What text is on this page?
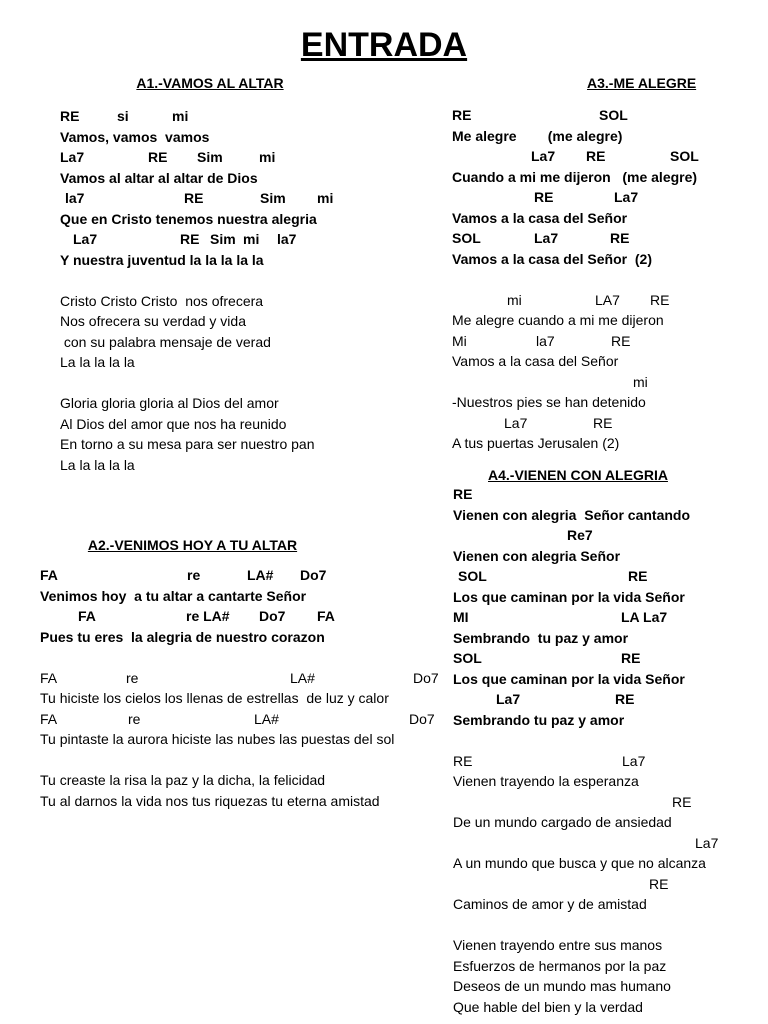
ENTRADA
A1.-VAMOS AL ALTAR
RE	si	mi
Vamos, vamos  vamos
La7	RE Sim	mi
Vamos al altar al altar de Dios
la7	RE	Sim mi
Que en Cristo tenemos nuestra alegria
La7	RE Sim mi la7
Y nuestra juventud la la la la la
Cristo Cristo Cristo  nos ofrecera
Nos ofrecera su verdad y vida
con su palabra mensaje de verad
La la la la la
Gloria gloria gloria al Dios del amor
Al Dios del amor que nos ha reunido
En torno a su mesa para ser nuestro pan
La la la la la
A2.-VENIMOS HOY A TU ALTAR
FA	re	LA# Do7
Venimos hoy  a tu altar a cantarte Señor
FA	re LA# Do7 FA
Pues tu eres  la alegria de nuestro corazon
FA	re	LA#	Do7
Tu hiciste los cielos los llenas de estrellas  de luz y calor
FA	re	LA#	Do7
Tu pintaste la aurora hiciste las nubes las puestas del sol
Tu creaste la risa la paz y la dicha, la felicidad
Tu al darnos la vida nos tus riquezas tu eterna amistad
A3.-ME ALEGRE
RE	SOL
Me alegre        (me alegre)
La7 RE	SOL
Cuando a mi me dijeron   (me alegre)
RE	La7
Vamos a la casa del Señor
SOL	La7	RE
Vamos a la casa del Señor  (2)
mi	LA7 RE
Me alegre cuando a mi me dijeron
Mi	la7	RE
Vamos a la casa del Señor
mi
-Nuestros pies se han detenido
La7	RE
A tus puertas Jerusalen (2)
A4.-VIENEN CON ALEGRIA
RE
Vienen con alegria  Señor cantando
Re7
Vienen con alegria Señor
SOL	RE
Los que caminan por la vida Señor
MI	LA La7
Sembrando  tu paz y amor
SOL	RE
Los que caminan por la vida Señor
La7	RE
Sembrando tu paz y amor
RE	La7
Vienen trayendo la esperanza
RE
De un mundo cargado de ansiedad
La7
A un mundo que busca y que no alcanza
RE
Caminos de amor y de amistad
Vienen trayendo entre sus manos
Esfuerzos de hermanos por la paz
Deseos de un mundo mas humano
Que hable del bien y la verdad
